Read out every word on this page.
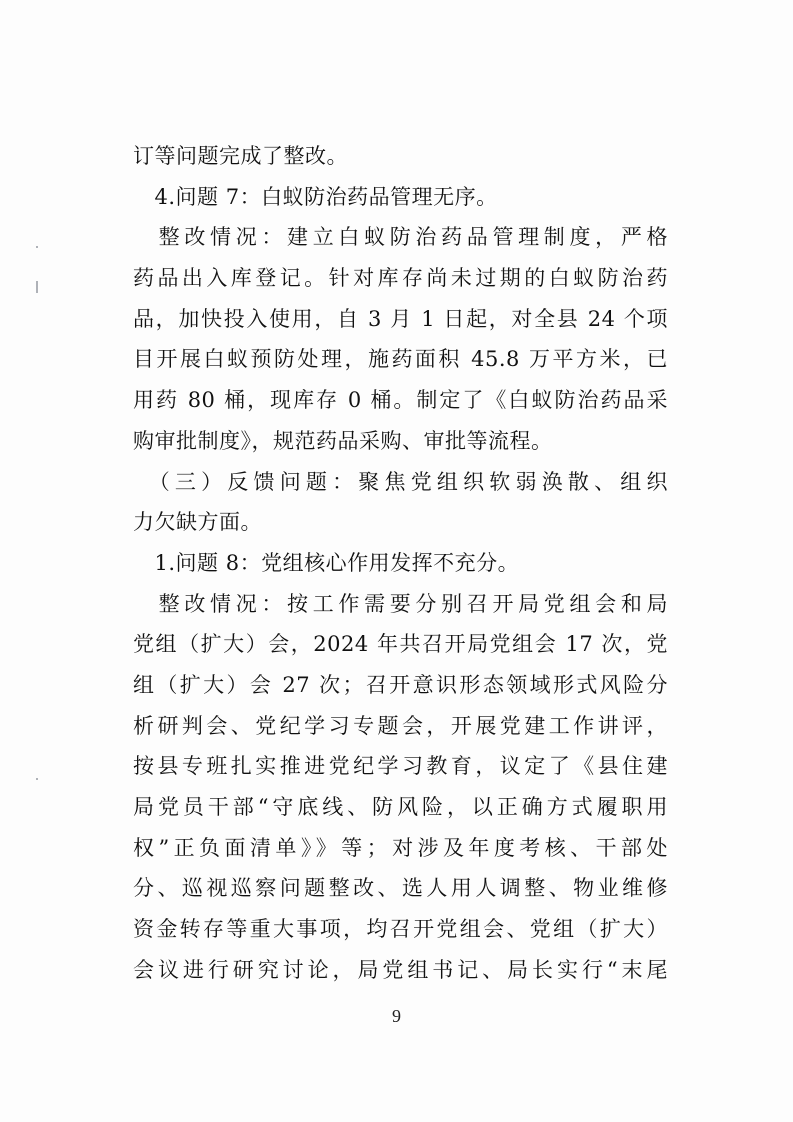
订等问题完成了整改。
　4.问题 7：白蚁防治药品管理无序。
　整改情况：建立白蚁防治药品管理制度，严格
药品出入库登记。针对库存尚未过期的白蚁防治药
品，加快投入使用，自 3 月 1 日起，对全县 24 个项
目开展白蚁预防处理，施药面积 45.8 万平方米，已
用药 80 桶，现库存 0 桶。制定了《白蚁防治药品采
购审批制度》，规范药品采购、审批等流程。
　（三）反馈问题：聚焦党组织软弱涣散、组织
力欠缺方面。
　1.问题 8：党组核心作用发挥不充分。
　整改情况：按工作需要分别召开局党组会和局
党组（扩大）会，2024 年共召开局党组会 17 次，党
组（扩大）会 27 次；召开意识形态领域形式风险分
析研判会、党纪学习专题会，开展党建工作讲评，
按县专班扎实推进党纪学习教育，议定了《县住建
局党员干部“守底线、防风险，以正确方式履职用
权”正负面清单》》等；对涉及年度考核、干部处
分、巡视巡察问题整改、选人用人调整、物业维修
资金转存等重大事项，均召开党组会、党组（扩大）
会议进行研究讨论，局党组书记、局长实行“末尾
9
